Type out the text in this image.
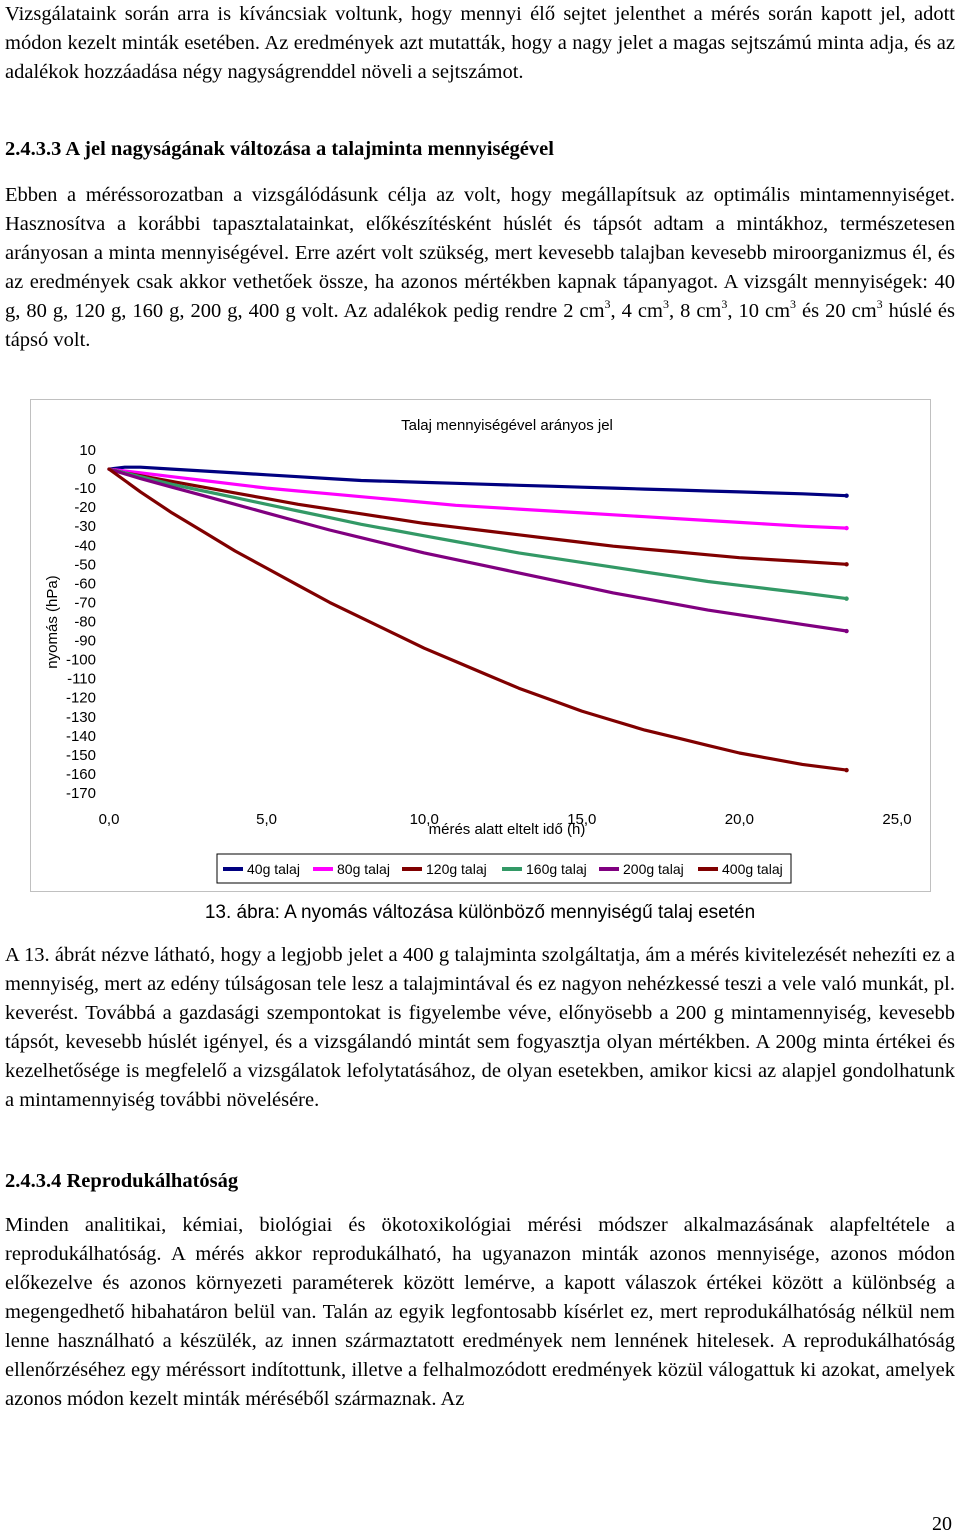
Vizsgálataink során arra is kíváncsiak voltunk, hogy mennyi élő sejtet jelenthet a mérés során kapott jel, adott módon kezelt minták esetében. Az eredmények azt mutatták, hogy a nagy jelet a magas sejtszámú minta adja, és az adalékok hozzáadása négy nagyságrenddel növeli a sejtszámot.

2.4.3.3 A jel nagyságának változása a talajminta mennyiségével

Ebben a méréssorozatban a vizsgálódásunk célja az volt, hogy megállapítsuk az optimális mintamennyiséget. Hasznosítva a korábbi tapasztalatainkat, előkészítésként húslét és tápsót adtam a mintákhoz, természetesen arányosan a minta mennyiségével. Erre azért volt szükség, mert kevesebb talajban kevesebb miroorganizmus él, és az eredmények csak akkor vethetőek össze, ha azonos mértékben kapnak tápanyagot. A vizsgált mennyiségek: 40 g, 80 g, 120 g, 160 g, 200 g, 400 g volt. Az adalékok pedig rendre 2 $cm^3$, 4 $cm^3$, 8 $cm^3$, 10 $cm^3$ és 20 $cm^3$ húslé és tápsó volt.

Talaj mennyiségével arányos jel
10
0
-10
-20
-30
-40
-50
-60
-70
-80
-90
-100
-110
-120
-130
-140
-150
-160
-170
nyomás (hPa)
0,0	5,0	10,0	15,0	20,0	25,0
mérés alatt eltelt idő (h)
40g talaj	80g talaj	120g talaj	160g talaj	200g talaj	400g talaj
13. ábra: A nyomás változása különböző mennyiségű talaj esetén

A 13. ábrát nézve látható, hogy a legjobb jelet a 400 g talajminta szolgáltatja, ám a mérés kivitelezését nehezíti ez a mennyiség, mert az edény túlságosan tele lesz a talajmintával és ez nagyon nehézkessé teszi a vele való munkát, pl. keverést. Továbbá a gazdasági szempontokat is figyelembe véve, előnyösebb a 200 g mintamennyiség, kevesebb tápsót, kevesebb húslét igényel, és a vizsgálandó mintát sem fogyasztja olyan mértékben. A 200g minta értékei és kezelhetősége is megfelelő a vizsgálatok lefolytatásához, de olyan esetekben, amikor kicsi az alapjel gondolhatunk a mintamennyiség további növelésére.

2.4.3.4 Reprodukálhatóság

Minden analitikai, kémiai, biológiai és ökotoxikológiai mérési módszer alkalmazásának alapfeltétele a reprodukálhatóság. A mérés akkor reprodukálható, ha ugyanazon minták azonos mennyisége, azonos módon előkezelve és azonos környezeti paraméterek között lemérve, a kapott válaszok értékei között a különbség a megengedhető hibahatáron belül van. Talán az egyik legfontosabb kísérlet ez, mert reprodukálhatóság nélkül nem lenne használható a készülék, az innen származtatott eredmények nem lennének hitelesek. A reprodukálhatóság ellenőrzéséhez egy méréssort indítottunk, illetve a felhalmozódott eredmények közül válogattuk ki azokat, amelyek azonos módon kezelt minták méréséből származnak. Az

20
